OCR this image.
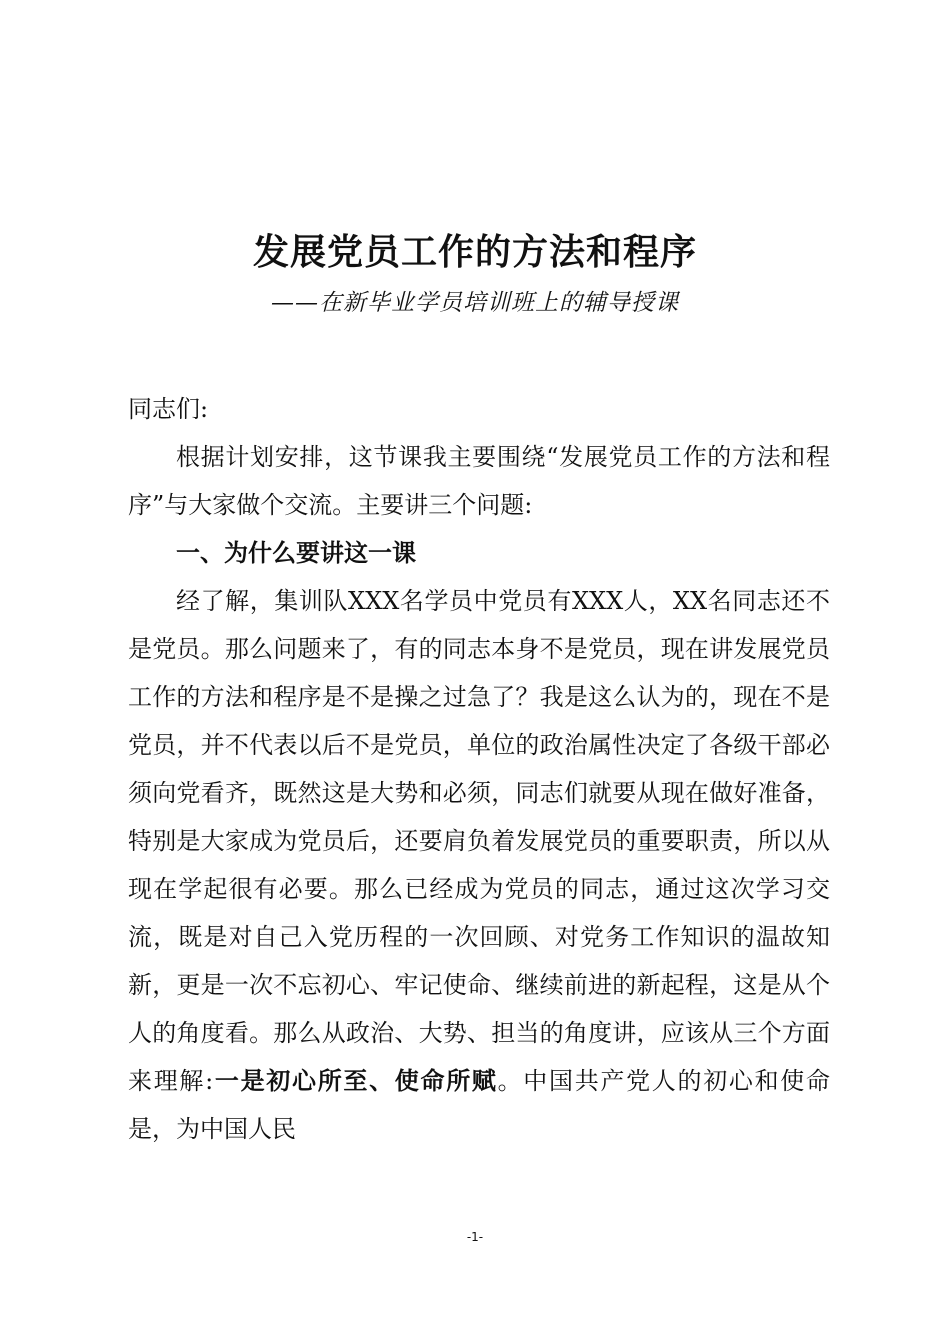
发展党员工作的方法和程序
——在新毕业学员培训班上的辅导授课
同志们:
根据计划安排，这节课我主要围绕“发展党员工作的方法和程序”与大家做个交流。主要讲三个问题:
一、为什么要讲这一课
经了解，集训队XXX名学员中党员有XXX人，XX名同志还不是党员。那么问题来了，有的同志本身不是党员，现在讲发展党员工作的方法和程序是不是操之过急了？我是这么认为的，现在不是党员，并不代表以后不是党员，单位的政治属性决定了各级干部必须向党看齐，既然这是大势和必须，同志们就要从现在做好准备，特别是大家成为党员后，还要肩负着发展党员的重要职责，所以从现在学起很有必要。那么已经成为党员的同志，通过这次学习交流，既是对自己入党历程的一次回顾、对党务工作知识的温故知新，更是一次不忘初心、牢记使命、继续前进的新起程，这是从个人的角度看。那么从政治、大势、担当的角度讲，应该从三个方面来理解:一是初心所至、使命所赋。中国共产党人的初心和使命是，为中国人民
-1-
